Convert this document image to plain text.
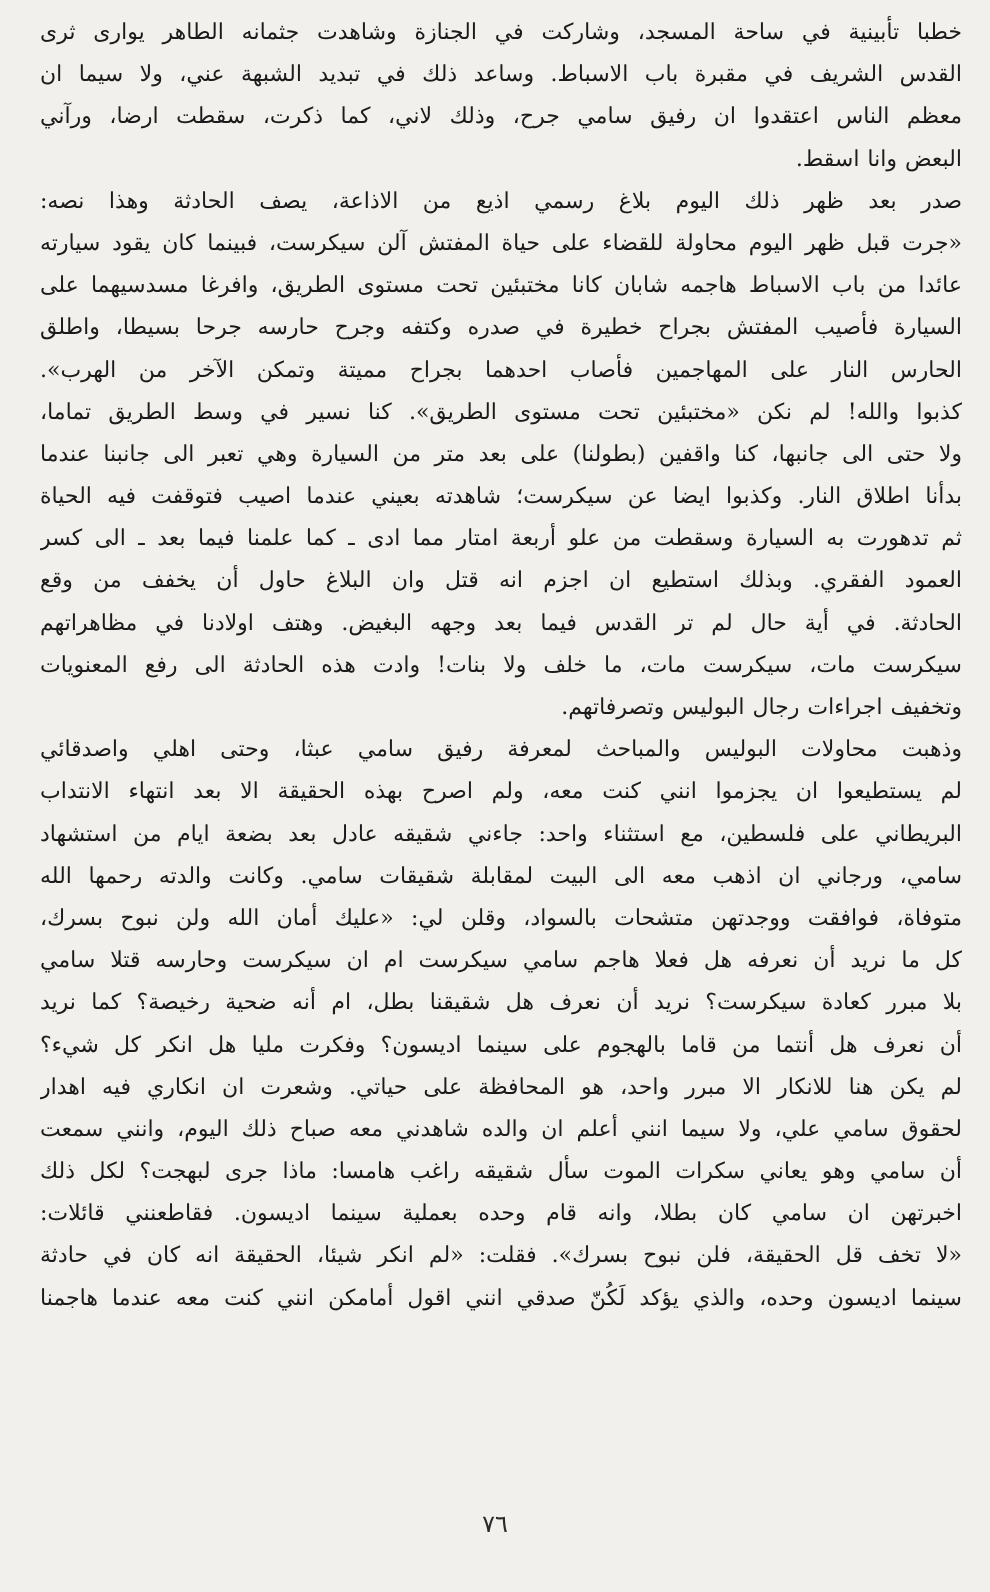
خطبا تأبينية في ساحة المسجد، وشاركت في الجنازة وشاهدت جثمانه الطاهر يوارى ثرى
القدس الشريف في مقبرة باب الاسباط. وساعد ذلك في تبديد الشبهة عني، ولا سيما ان
معظم الناس اعتقدوا ان رفيق سامي جرح، وذلك لاني، كما ذكرت، سقطت ارضا، ورآني
البعض وانا اسقط.
صدر بعد ظهر ذلك اليوم بلاغ رسمي اذيع من الاذاعة، يصف الحادثة وهذا نصه:
«جرت قبل ظهر اليوم محاولة للقضاء على حياة المفتش آلن سيكرست، فبينما كان يقود سيارته
عائدا من باب الاسباط هاجمه شابان كانا مختبئين تحت مستوى الطريق، وافرغا مسدسيهما على
السيارة فأصيب المفتش بجراح خطيرة في صدره وكتفه وجرح حارسه جرحا بسيطا، واطلق
الحارس النار على المهاجمين فأصاب احدهما بجراح مميتة وتمكن الآخر من الهرب».
كذبوا والله! لم نكن «مختبئين تحت مستوى الطريق». كنا نسير في وسط الطريق تماما،
ولا حتى الى جانبها، كنا واقفين (بطولنا) على بعد متر من السيارة وهي تعبر الى جانبنا عندما
بدأنا اطلاق النار. وكذبوا ايضا عن سيكرست؛ شاهدته بعيني عندما اصيب فتوقفت فيه الحياة
ثم تدهورت به السيارة وسقطت من علو أربعة امتار مما ادى ـ كما علمنا فيما بعد ـ الى كسر
العمود الفقري. وبذلك استطيع ان اجزم انه قتل وان البلاغ حاول أن يخفف من وقع
الحادثة. في أية حال لم تر القدس فيما بعد وجهه البغيض. وهتف اولادنا في مظاهراتهم
سيكرست مات، سيكرست مات، ما خلف ولا بنات! وادت هذه الحادثة الى رفع المعنويات
وتخفيف اجراءات رجال البوليس وتصرفاتهم.
وذهبت محاولات البوليس والمباحث لمعرفة رفيق سامي عبثا، وحتى اهلي واصدقائي
لم يستطيعوا ان يجزموا انني كنت معه، ولم اصرح بهذه الحقيقة الا بعد انتهاء الانتداب
البريطاني على فلسطين، مع استثناء واحد: جاءني شقيقه عادل بعد بضعة ايام من استشهاد
سامي، ورجاني ان اذهب معه الى البيت لمقابلة شقيقات سامي. وكانت والدته رحمها الله
متوفاة، فوافقت ووجدتهن متشحات بالسواد، وقلن لي: «عليك أمان الله ولن نبوح بسرك،
كل ما نريد أن نعرفه هل فعلا هاجم سامي سيكرست ام ان سيكرست وحارسه قتلا سامي
بلا مبرر كعادة سيكرست؟ نريد أن نعرف هل شقيقنا بطل، ام أنه ضحية رخيصة؟ كما نريد
أن نعرف هل أنتما من قاما بالهجوم على سينما اديسون؟ وفكرت مليا هل انكر كل شيء؟
لم يكن هنا للانكار الا مبرر واحد، هو المحافظة على حياتي. وشعرت ان انكاري فيه اهدار
لحقوق سامي علي، ولا سيما انني أعلم ان والده شاهدني معه صباح ذلك اليوم، وانني سمعت
أن سامي وهو يعاني سكرات الموت سأل شقيقه راغب هامسا: ماذا جرى لبهجت؟ لكل ذلك
اخبرتهن ان سامي كان بطلا، وانه قام وحده بعملية سينما اديسون. فقاطعنني قائلات:
«لا تخف قل الحقيقة، فلن نبوح بسرك». فقلت: «لم انكر شيئا، الحقيقة انه كان في حادثة
سينما اديسون وحده، والذي يؤكد لَكُنّ صدقي انني اقول أمامكن انني كنت معه عندما هاجمنا
٧٦
